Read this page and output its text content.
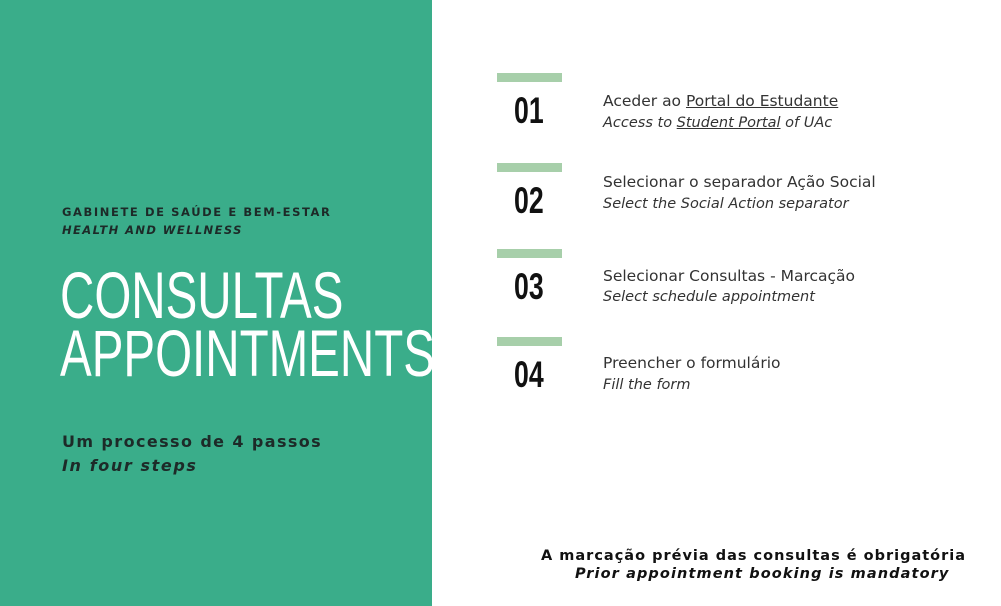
GABINETE DE SAÚDE E BEM-ESTAR
HEALTH AND WELLNESS
CONSULTAS
APPOINTMENTS
Um processo de 4 passos
In four steps
01	Aceder ao Portal do Estudante
Access to Student Portal of UAc
02	Selecionar o separador Ação Social
Select the Social Action separator
03	Selecionar Consultas - Marcação
Select schedule appointment
04	Preencher o formulário
Fill the form
A marcação prévia das consultas é obrigatória
Prior appointment booking is mandatory
